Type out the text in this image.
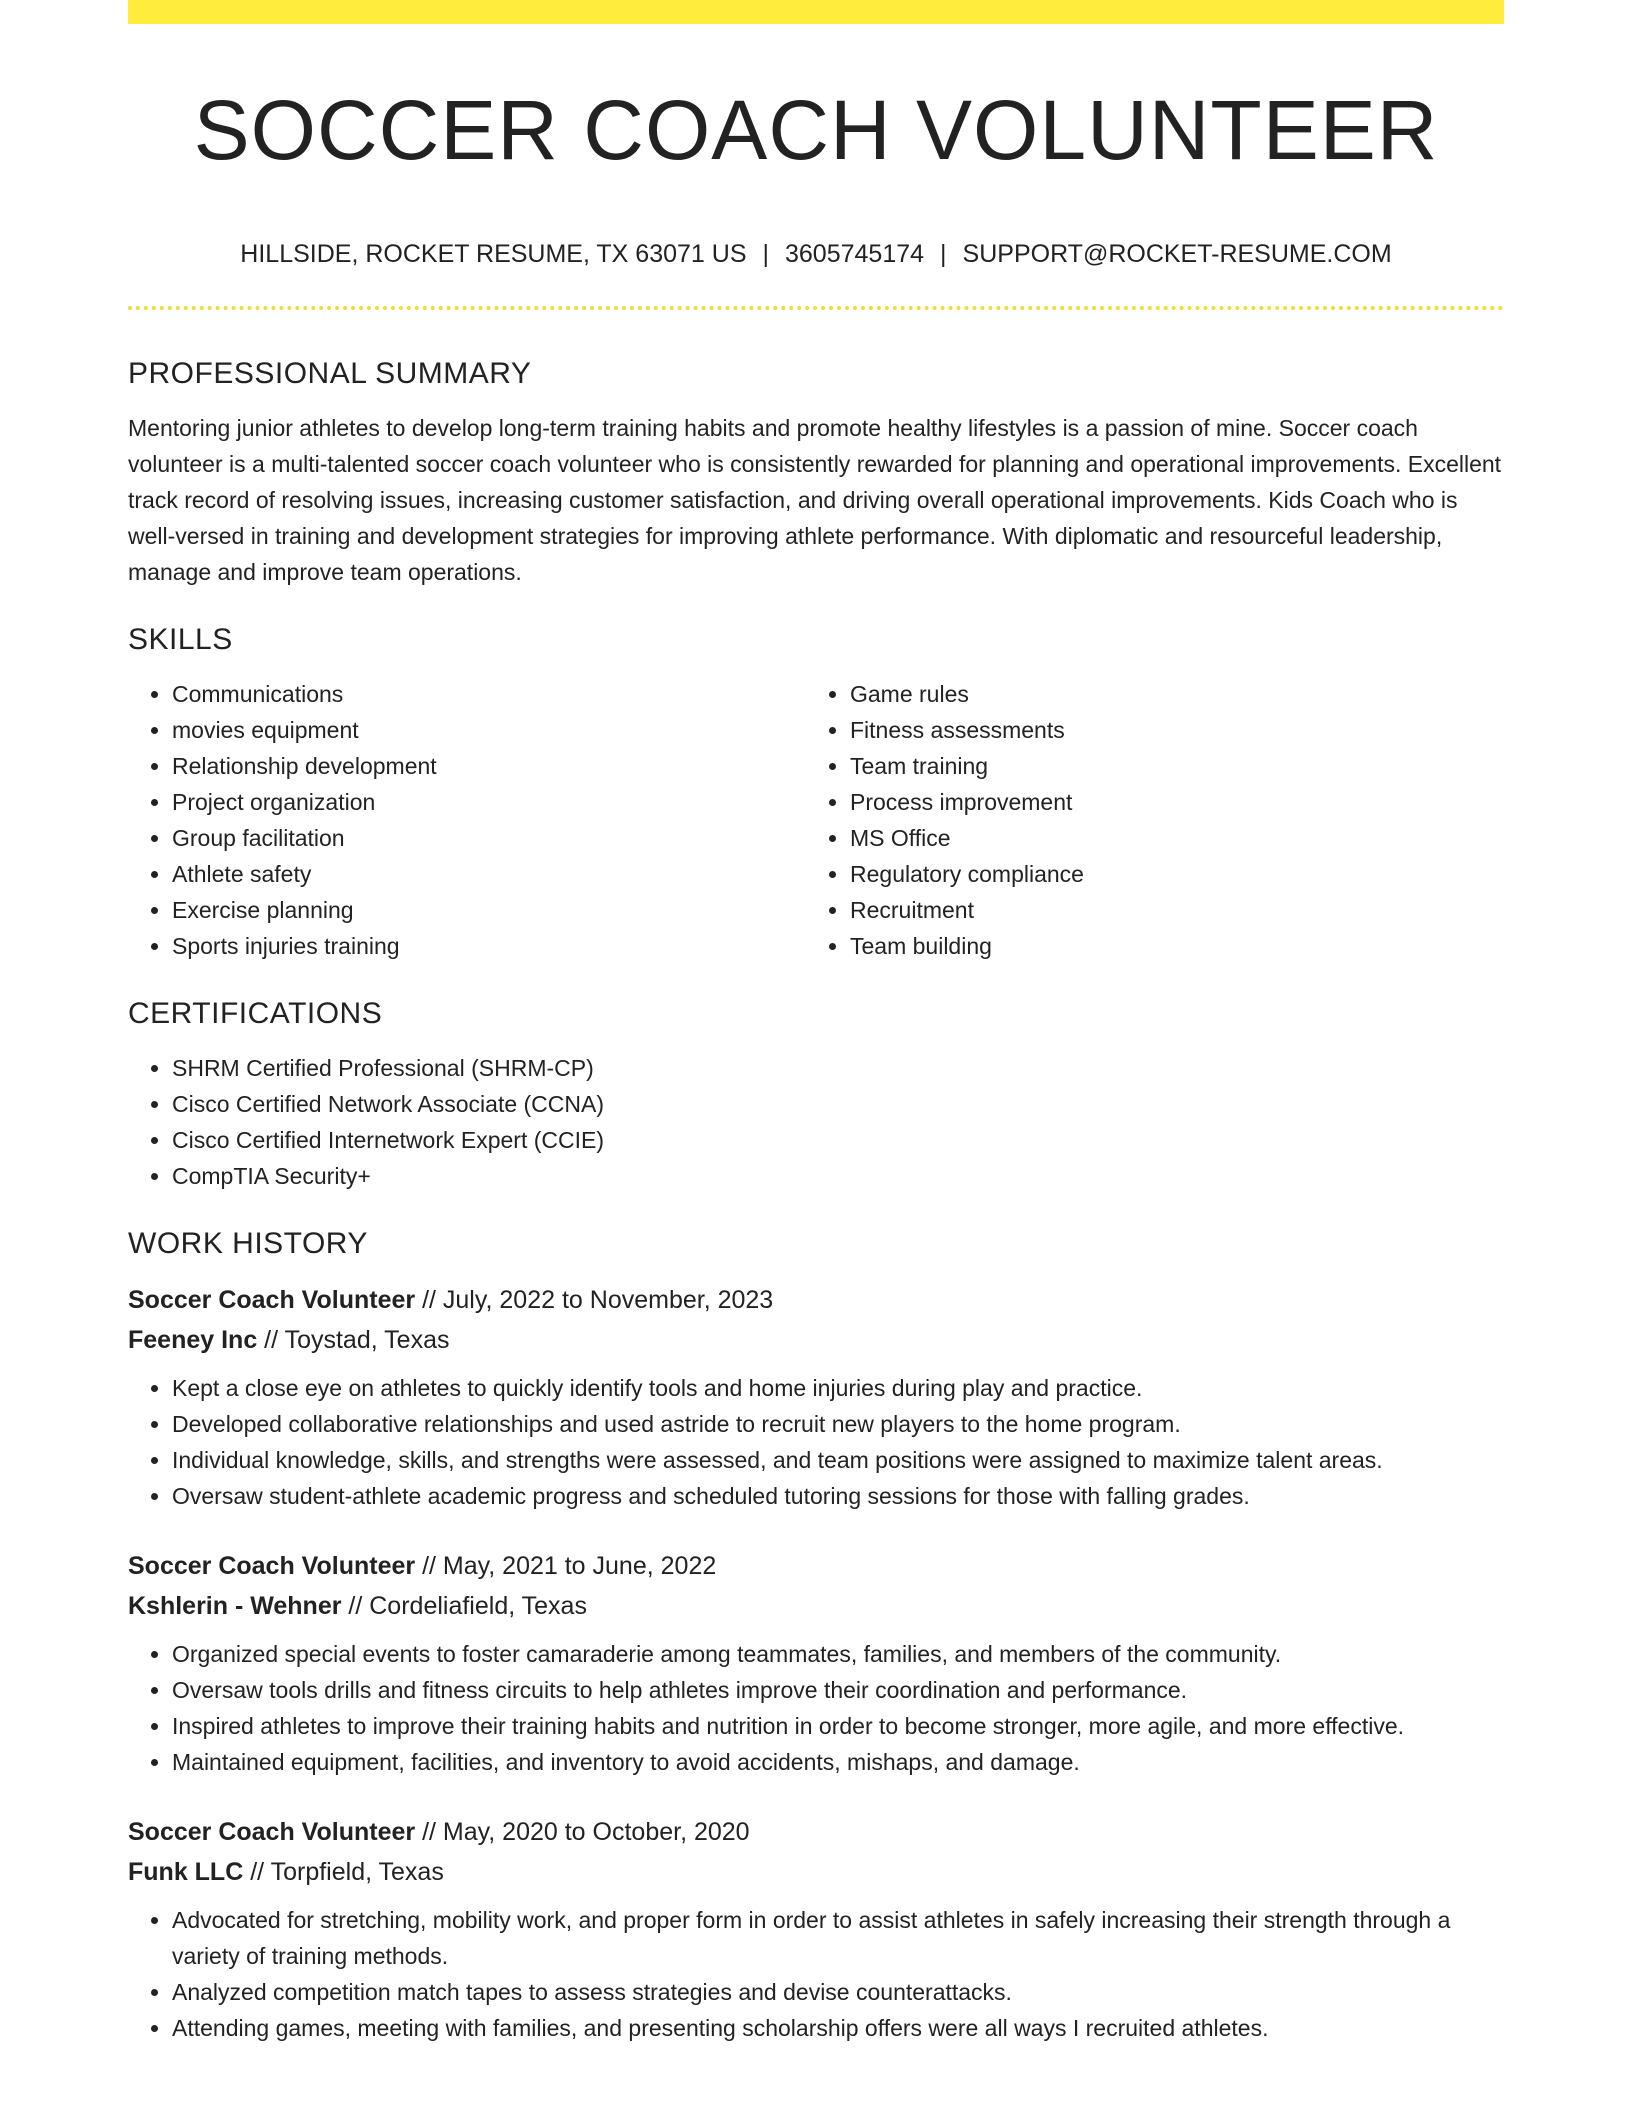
SOCCER COACH VOLUNTEER
HILLSIDE, ROCKET RESUME, TX 63071 US | 3605745174 | SUPPORT@ROCKET-RESUME.COM
PROFESSIONAL SUMMARY

Mentoring junior athletes to develop long-term training habits and promote healthy lifestyles is a passion of mine. Soccer coach volunteer is a multi-talented soccer coach volunteer who is consistently rewarded for planning and operational improvements. Excellent track record of resolving issues, increasing customer satisfaction, and driving overall operational improvements. Kids Coach who is well-versed in training and development strategies for improving athlete performance. With diplomatic and resourceful leadership, manage and improve team operations.

SKILLS
• Communications
• movies equipment
• Relationship development
• Project organization
• Group facilitation
• Athlete safety
• Exercise planning
• Sports injuries training
• Game rules
• Fitness assessments
• Team training
• Process improvement
• MS Office
• Regulatory compliance
• Recruitment
• Team building
CERTIFICATIONS
• SHRM Certified Professional (SHRM-CP)
• Cisco Certified Network Associate (CCNA)
• Cisco Certified Internetwork Expert (CCIE)
• CompTIA Security+
WORK HISTORY
Soccer Coach Volunteer // July, 2022 to November, 2023
Feeney Inc // Toystad, Texas
• Kept a close eye on athletes to quickly identify tools and home injuries during play and practice.
• Developed collaborative relationships and used astride to recruit new players to the home program.
• Individual knowledge, skills, and strengths were assessed, and team positions were assigned to maximize talent areas.
• Oversaw student-athlete academic progress and scheduled tutoring sessions for those with falling grades.
Soccer Coach Volunteer // May, 2021 to June, 2022
Kshlerin - Wehner // Cordeliafield, Texas
• Organized special events to foster camaraderie among teammates, families, and members of the community.
• Oversaw tools drills and fitness circuits to help athletes improve their coordination and performance.
• Inspired athletes to improve their training habits and nutrition in order to become stronger, more agile, and more effective.
• Maintained equipment, facilities, and inventory to avoid accidents, mishaps, and damage.
Soccer Coach Volunteer // May, 2020 to October, 2020
Funk LLC // Torpfield, Texas
• Advocated for stretching, mobility work, and proper form in order to assist athletes in safely increasing their strength through a variety of training methods.
• Analyzed competition match tapes to assess strategies and devise counterattacks.
• Attending games, meeting with families, and presenting scholarship offers were all ways I recruited athletes.
